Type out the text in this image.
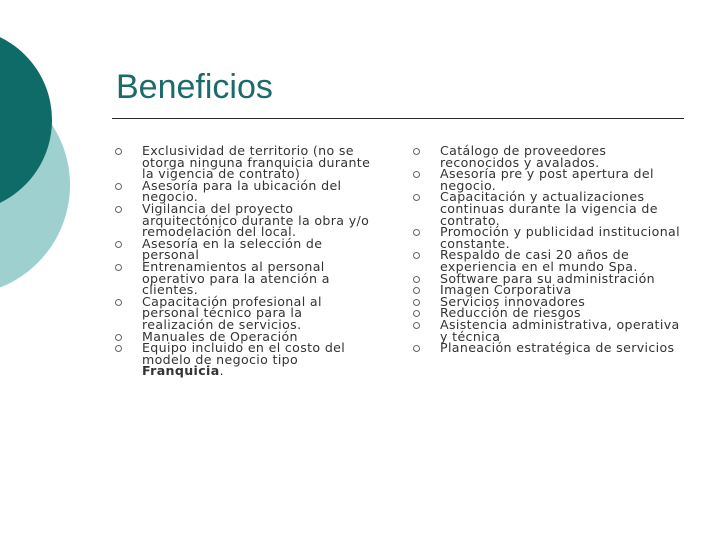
Beneficios
Exclusividad de territorio (no se otorga ninguna franquicia durante la vigencia de contrato)
Asesoría para la ubicación del negocio.
Vigilancia del proyecto arquitectónico durante la obra y/o remodelación del local.
Asesoría en la selección de personal
Entrenamientos al personal operativo para la atención a clientes.
Capacitación profesional al personal técnico para la realización de servicios.
Manuales de Operación
Equipo incluido en el costo del modelo de negocio tipo Franquicia.
Catálogo de proveedores reconocidos y avalados.
Asesoría pre y post apertura del negocio.
Capacitación y actualizaciones continuas durante la vigencia de contrato.
Promoción y publicidad institucional constante.
Respaldo de casi 20 años de experiencia en el mundo Spa.
Software para su administración
Imagen Corporativa
Servicios innovadores
Reducción de riesgos
Asistencia administrativa, operativa y técnica
Planeación estratégica de servicios
